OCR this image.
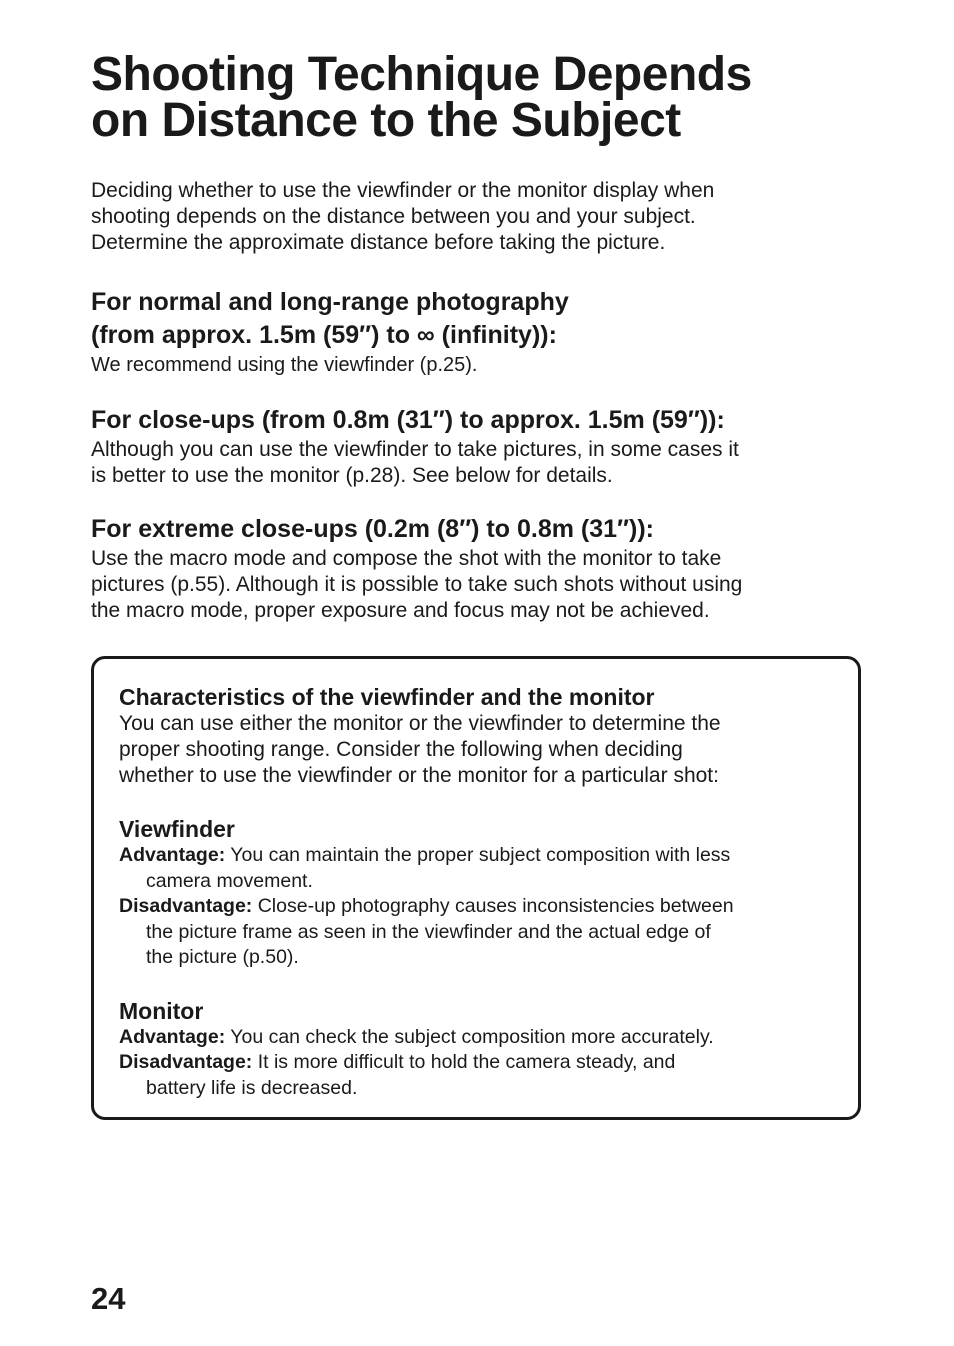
Shooting Technique Depends
on Distance to the Subject

Deciding whether to use the viewfinder or the monitor display when
shooting depends on the distance between you and your subject.
Determine the approximate distance before taking the picture.

For normal and long-range photography
(from approx. 1.5m (59″) to ∞ (infinity)):

We recommend using the viewfinder (p.25).

For close-ups (from 0.8m (31″) to approx. 1.5m (59″)):

Although you can use the viewfinder to take pictures, in some cases it
is better to use the monitor (p.28). See below for details.

For extreme close-ups (0.2m (8″) to 0.8m (31″)):

Use the macro mode and compose the shot with the monitor to take
pictures (p.55). Although it is possible to take such shots without using
the macro mode, proper exposure and focus may not be achieved.

Characteristics of the viewfinder and the monitor
You can use either the monitor or the viewfinder to determine the
proper shooting range. Consider the following when deciding
whether to use the viewfinder or the monitor for a particular shot:
Viewfinder
Advantage: You can maintain the proper subject composition with less
camera movement.
Disadvantage: Close-up photography causes inconsistencies between
the picture frame as seen in the viewfinder and the actual edge of
the picture (p.50).
Monitor
Advantage: You can check the subject composition more accurately.
Disadvantage: It is more difficult to hold the camera steady, and
battery life is decreased.
24
